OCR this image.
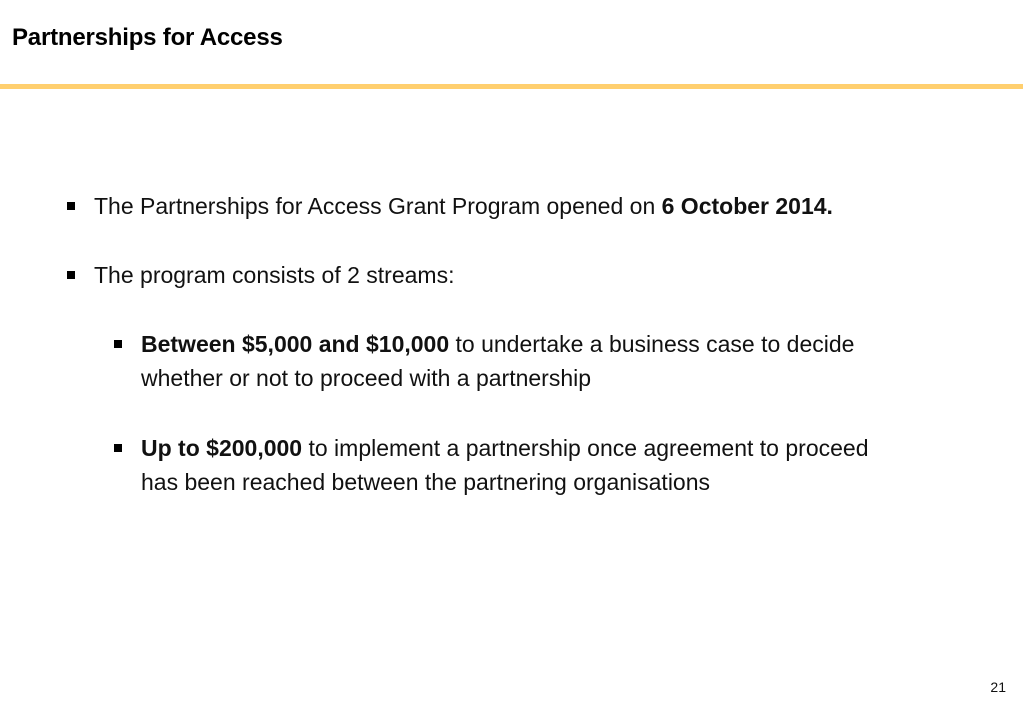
Partnerships for Access
The Partnerships for Access Grant Program opened on 6 October 2014.
The program consists of 2 streams:
Between $5,000 and $10,000 to undertake a business case to decide whether or not to proceed with a partnership
Up to $200,000 to implement a partnership once agreement to proceed has been reached between the partnering organisations
21
